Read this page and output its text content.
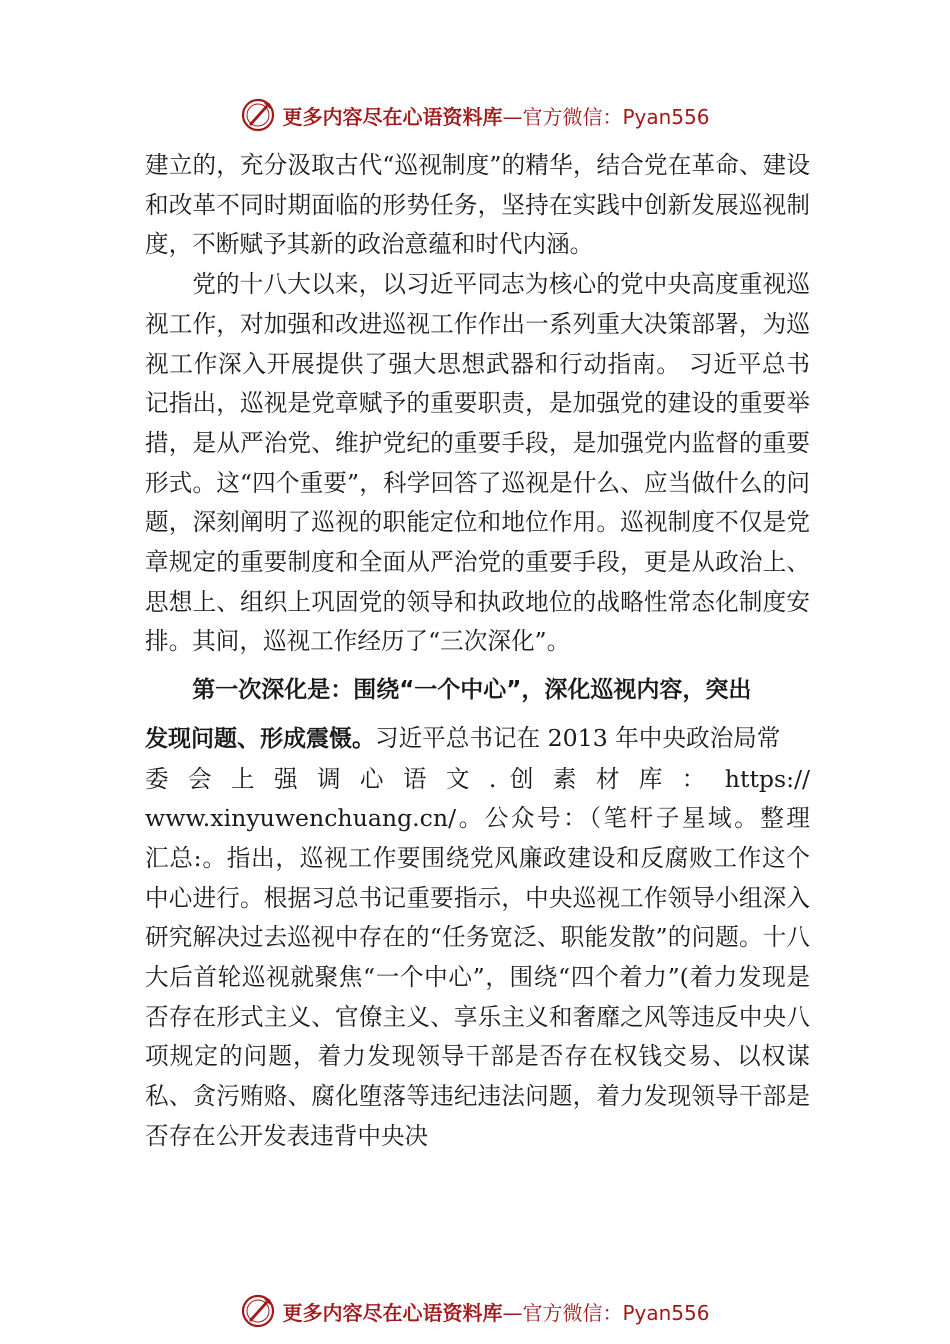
更多内容尽在心语资料库 —官方微信：Pyan556

建立的，充分汲取古代“巡视制度”的精华，结合党在革命、建设和改革不同时期面临的形势任务，坚持在实践中创新发展巡视制度，不断赋予其新的政治意蕴和时代内涵。

党的十八大以来，以习近平同志为核心的党中央高度重视巡视工作，对加强和改进巡视工作作出一系列重大决策部署，为巡视工作深入开展提供了强大思想武器和行动指南。 习近平总书记指出，巡视是党章赋予的重要职责，是加强党的建设的重要举措，是从严治党、维护党纪的重要手段，是加强党内监督的重要形式。这“四个重要”，科学回答了巡视是什么、应当做什么的问题，深刻阐明了巡视的职能定位和地位作用。巡视制度不仅是党章规定的重要制度和全面从严治党的重要手段，更是从政治上、思想上、组织上巩固党的领导和执政地位的战略性常态化制度安排。其间，巡视工作经历了“三次深化”。

第一次深化是：围绕“一个中心”，深化巡视内容，突出

发现问题、形成震慑。习近平总书记在 2013 年中央政治局常

委 会 上 强 调 心 语 文 . 创 素 材 库 ： https://

www.xinyuwenchuang.cn/。公众号：（笔杆子星域。整理

汇总:。指出，巡视工作要围绕党风廉政建设和反腐败工作这个中心进行。根据习总书记重要指示，中央巡视工作领导小组深入研究解决过去巡视中存在的“任务宽泛、职能发散”的问题。十八大后首轮巡视就聚焦“一个中心”，围绕“四个着力”(着力发现是否存在形式主义、官僚主义、享乐主义和奢靡之风等违反中央八项规定的问题，着力发现领导干部是否存在权钱交易、以权谋私、贪污贿赂、腐化堕落等违纪违法问题，着力发现领导干部是否存在公开发表违背中央决

更多内容尽在心语资料库 —官方微信：Pyan556
